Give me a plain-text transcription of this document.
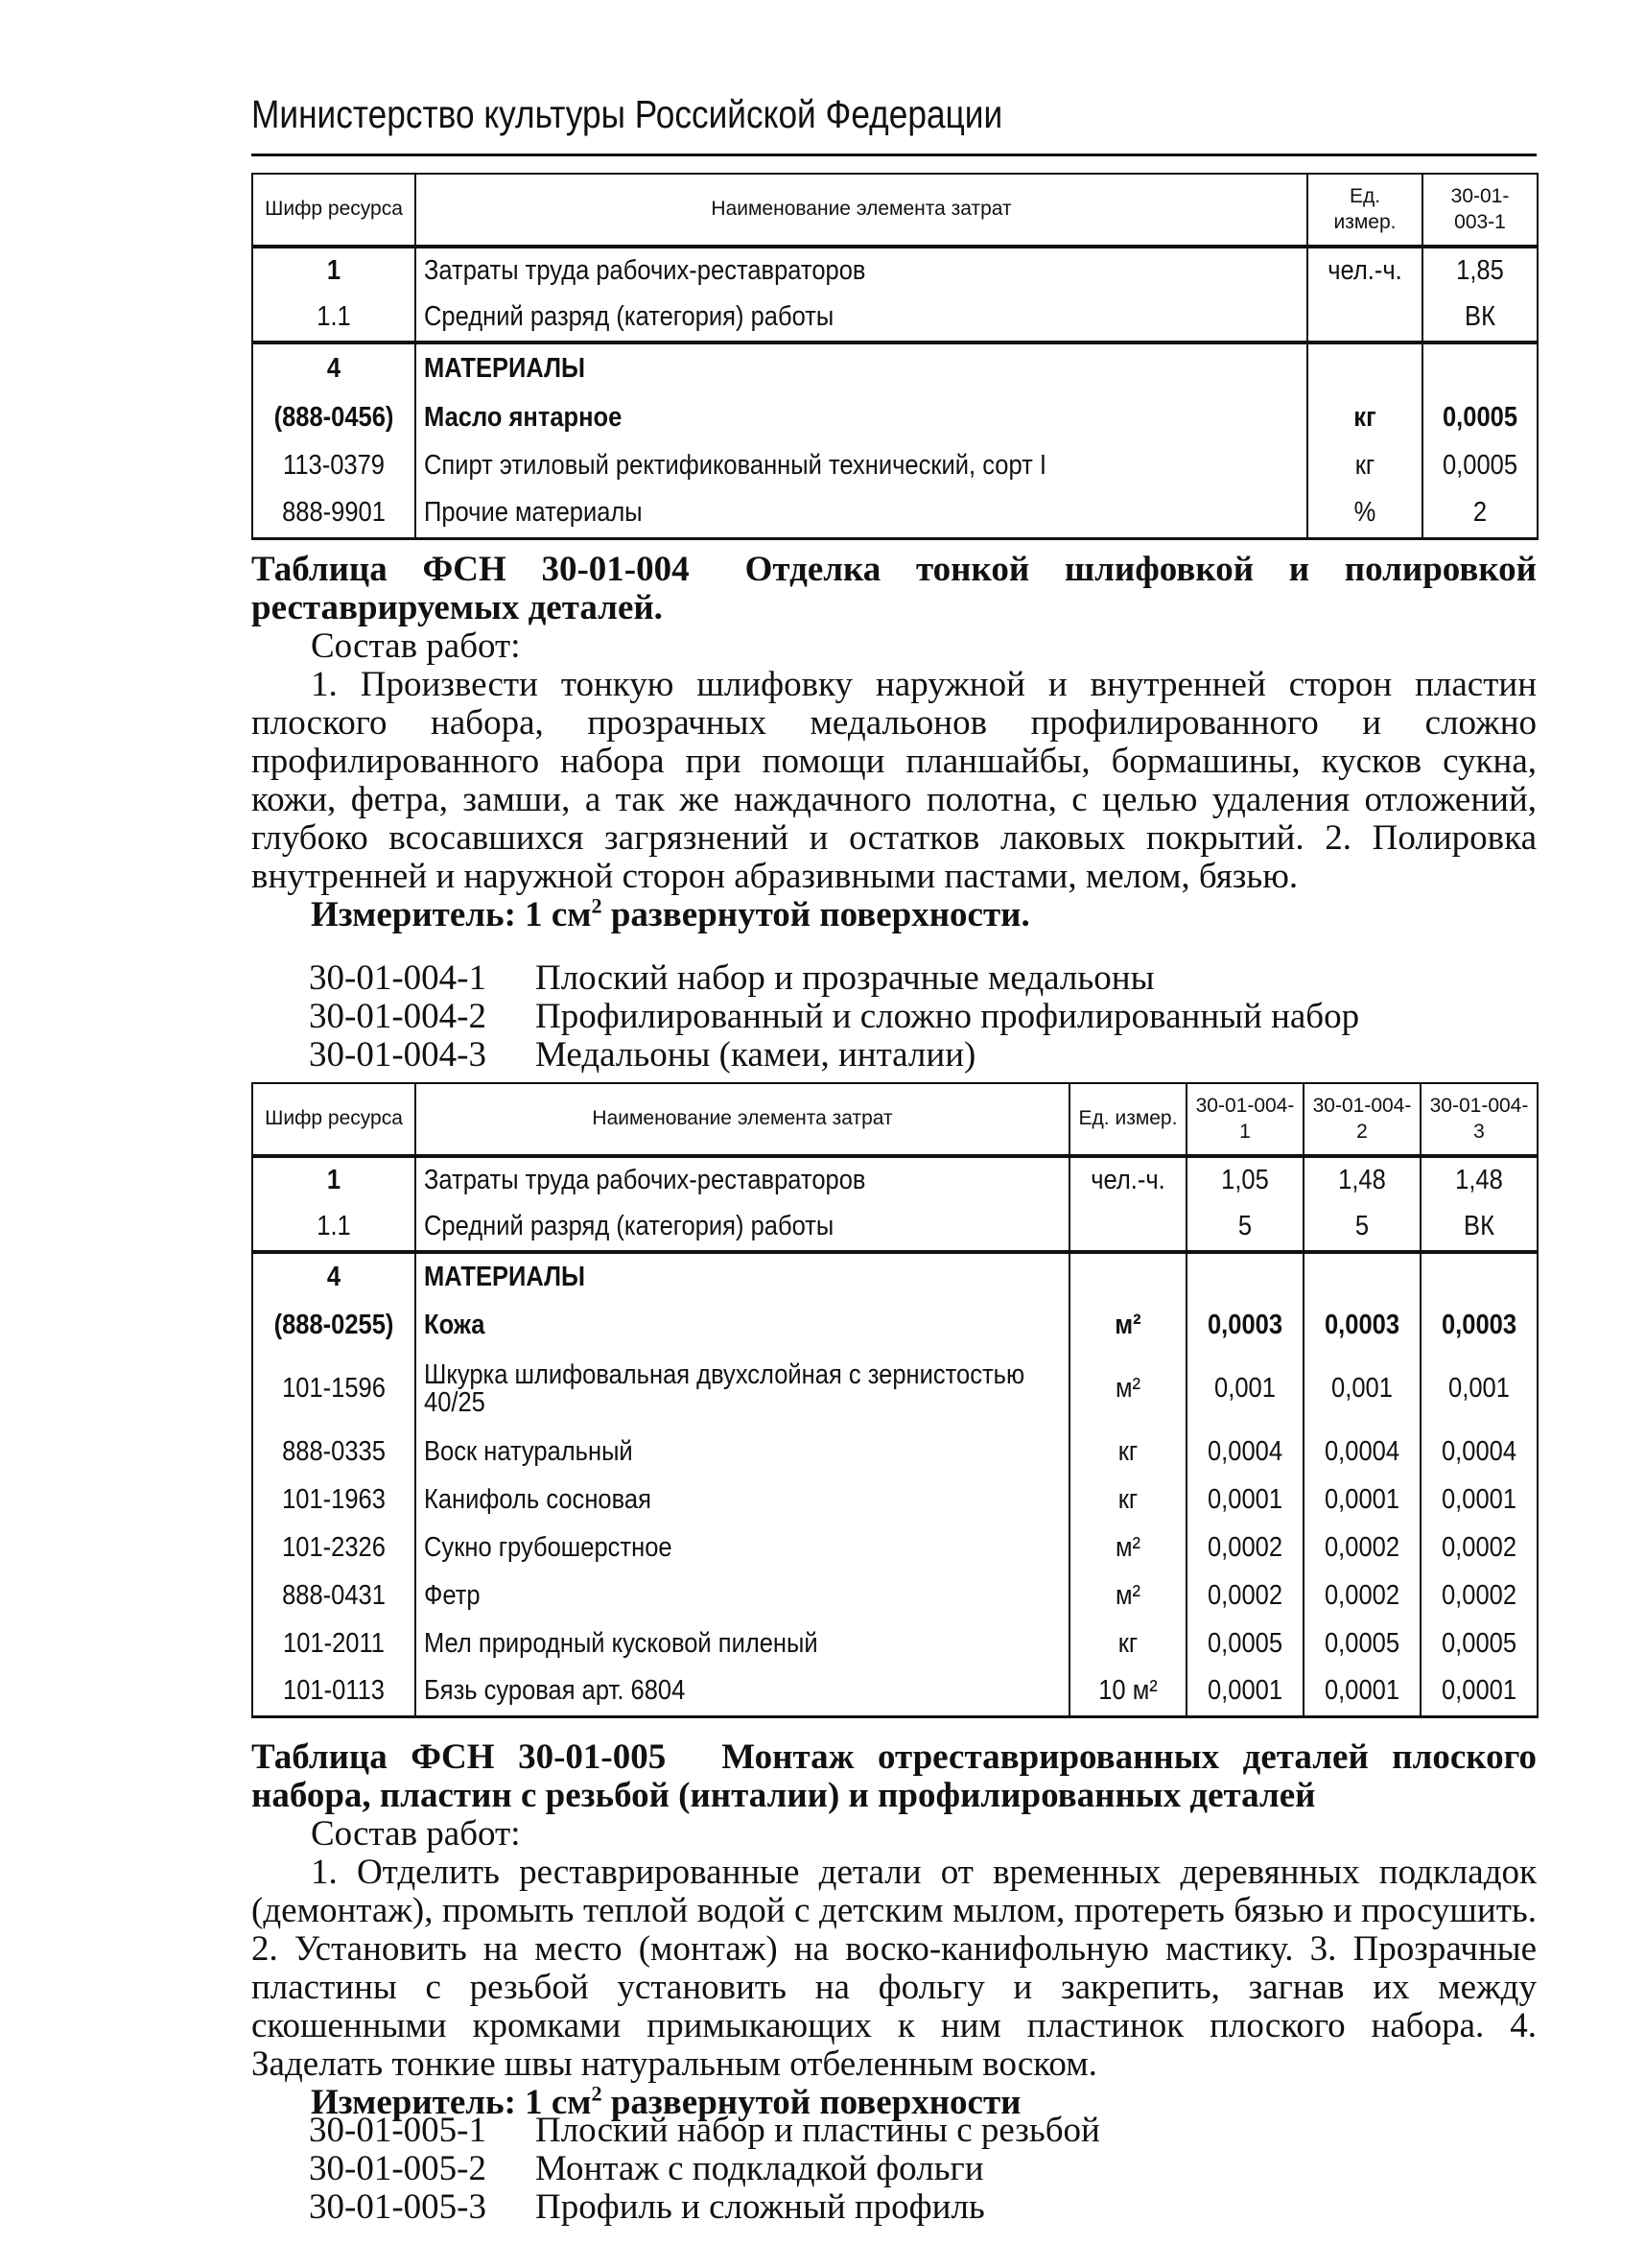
Министерство культуры Российской Федерации
Шифр ресурса	Наименование элемента затрат	Ед. измер.	30-01-003-1

1	Затраты труда рабочих-реставраторов	чел.-ч.	1,85

1.1	Средний разряд (категория) работы		ВК

4	МАТЕРИАЛЫ		

(888-0456)	Масло янтарное	кг	0,0005

113-0379	Спирт этиловый ректификованный технический, сорт I	кг	0,0005

888-9901	Прочие материалы	%	2
Таблица ФСН 30-01-004 Отделка тонкой шлифовкой и полировкой реставрируемых деталей.
Состав работ:
1. Произвести тонкую шлифовку наружной и внутренней сторон пластин плоского набора, прозрачных медальонов профилированного и сложно профилированного набора при помощи планшайбы, бормашины, кусков сукна, кожи, фетра, замши, а так же наждачного полотна, с целью удаления отложений, глубоко всосавшихся загрязнений и остатков лаковых покрытий. 2. Полировка внутренней и наружной сторон абразивными пастами, мелом, бязью.
Измеритель: 1 $см^2$ развернутой поверхности.
30-01-004-1 Плоский набор и прозрачные медальоны
30-01-004-2 Профилированный и сложно профилированный набор
30-01-004-3 Медальоны (камеи, инталии)
Шифр ресурса	Наименование элемента затрат	Ед. измер.	30-01-004-1	30-01-004-2	30-01-004-3

1	Затраты труда рабочих-реставраторов	чел.-ч.	1,05	1,48	1,48

1.1	Средний разряд (категория) работы		5	5	ВК

4	МАТЕРИАЛЫ				

(888-0255)	Кожа	м²	0,0003	0,0003	0,0003

101-1596	Шкурка шлифовальная двухслойная с зернистостью 40/25	м²	0,001	0,001	0,001

888-0335	Воск натуральный	кг	0,0004	0,0004	0,0004

101-1963	Канифоль сосновая	кг	0,0001	0,0001	0,0001

101-2326	Сукно грубошерстное	м²	0,0002	0,0002	0,0002

888-0431	Фетр	м²	0,0002	0,0002	0,0002

101-2011	Мел природный кусковой пиленый	кг	0,0005	0,0005	0,0005

101-0113	Бязь суровая арт. 6804	10 м²	0,0001	0,0001	0,0001
Таблица ФСН 30-01-005 Монтаж отреставрированных деталей плоского набора, пластин с резьбой (инталии) и профилированных деталей
Состав работ:
1. Отделить реставрированные детали от временных деревянных подкладок (демонтаж), промыть теплой водой с детским мылом, протереть бязью и просушить. 2. Установить на место (монтаж) на воско-канифольную мастику. 3. Прозрачные пластины с резьбой установить на фольгу и закрепить, загнав их между скошенными кромками примыкающих к ним пластинок плоского набора. 4. Заделать тонкие швы натуральным отбеленным воском.
Измеритель: 1 $см^2$ развернутой поверхности
30-01-005-1 Плоский набор и пластины с резьбой
30-01-005-2 Монтаж с подкладкой фольги
30-01-005-3 Профиль и сложный профиль
